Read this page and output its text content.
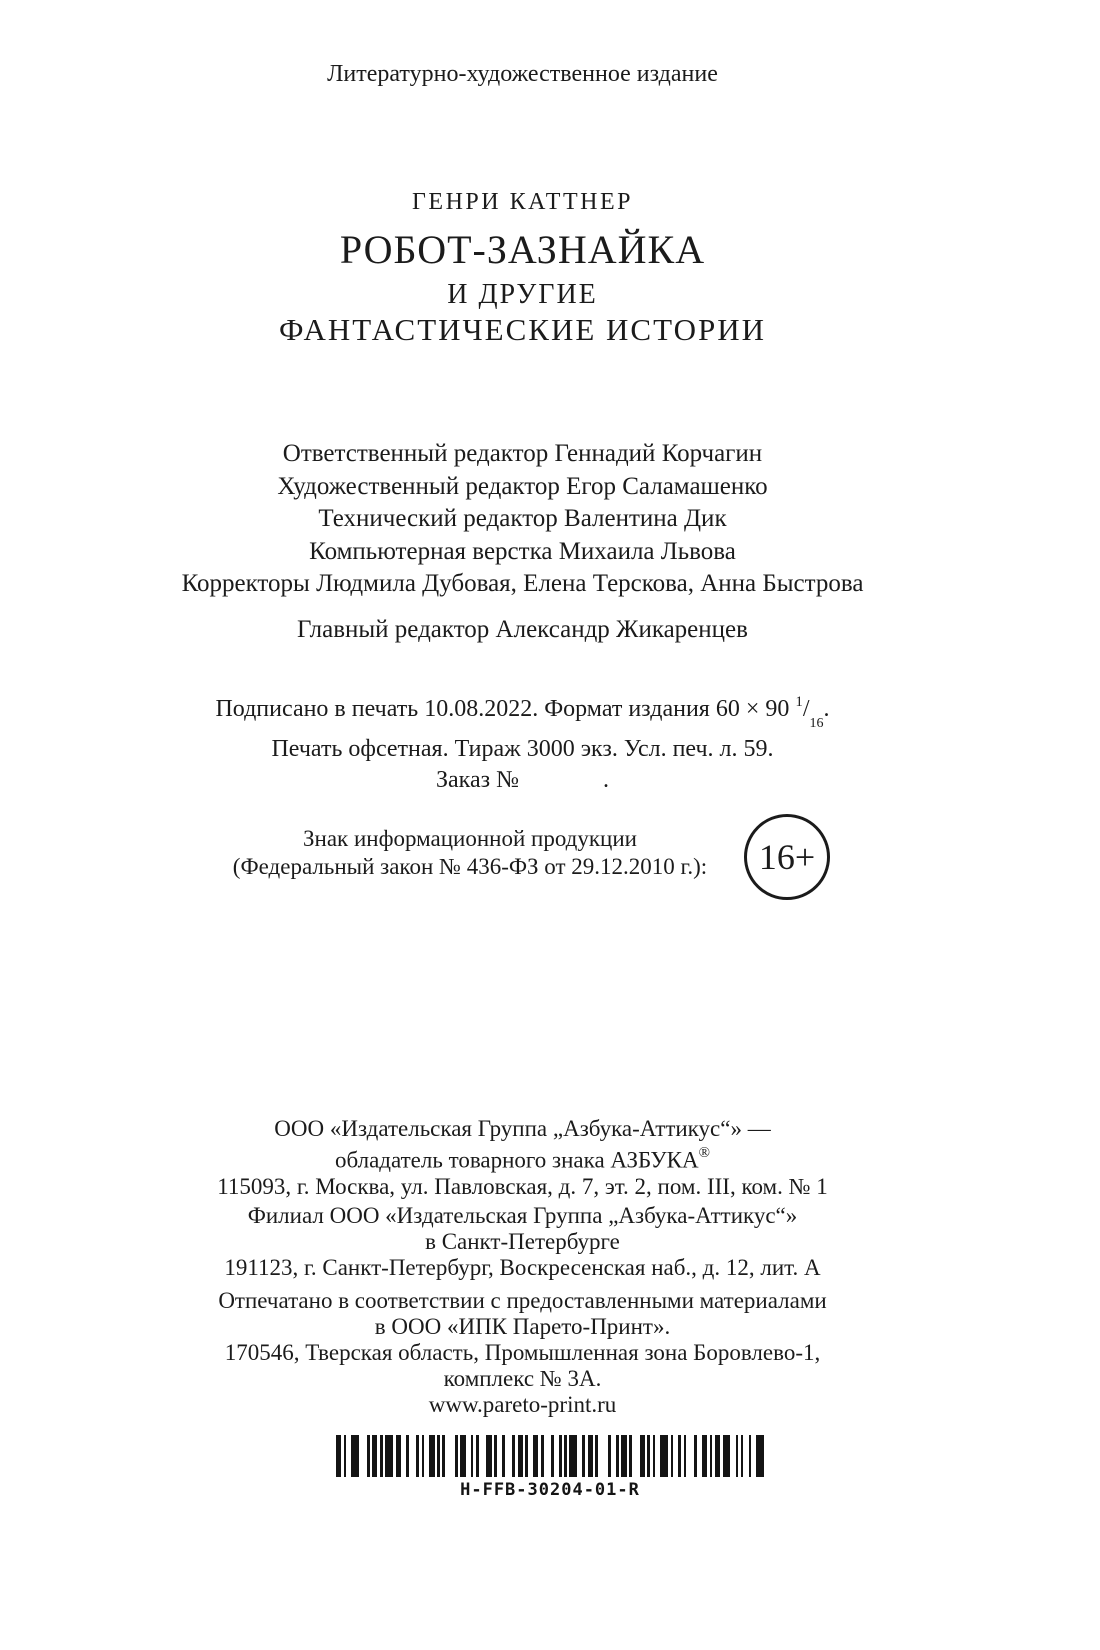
Литературно-художественное издание
ГЕНРИ КАТТНЕР
РОБОТ-ЗАЗНАЙКА
И ДРУГИЕ
ФАНТАСТИЧЕСКИЕ ИСТОРИИ
Ответственный редактор Геннадий Корчагин
Художественный редактор Егор Саламашенко
Технический редактор Валентина Дик
Компьютерная верстка Михаила Львова
Корректоры Людмила Дубовая, Елена Терскова, Анна Быстрова
Главный редактор Александр Жикаренцев
Подписано в печать 10.08.2022. Формат издания 60 × 90 $^1/_{16}$.
Печать офсетная. Тираж 3000 экз. Усл. печ. л. 59.
Заказ №              .
Знак информационной продукции
(Федеральный закон № 436-ФЗ от 29.12.2010 г.):	16+
ООО «Издательская Группа „Азбука-Аттикус“» —
обладатель товарного знака АЗБУКА®
115093, г. Москва, ул. Павловская, д. 7, эт. 2, пом. III, ком. № 1
Филиал ООО «Издательская Группа „Азбука-Аттикус“»
в Санкт-Петербурге
191123, г. Санкт-Петербург, Воскресенская наб., д. 12, лит. А
Отпечатано в соответствии с предоставленными материалами
в ООО «ИПК Парето-Принт».
170546, Тверская область, Промышленная зона Боровлево-1,
комплекс № 3А.
www.pareto-print.ru
H-FFB-30204-01-R
